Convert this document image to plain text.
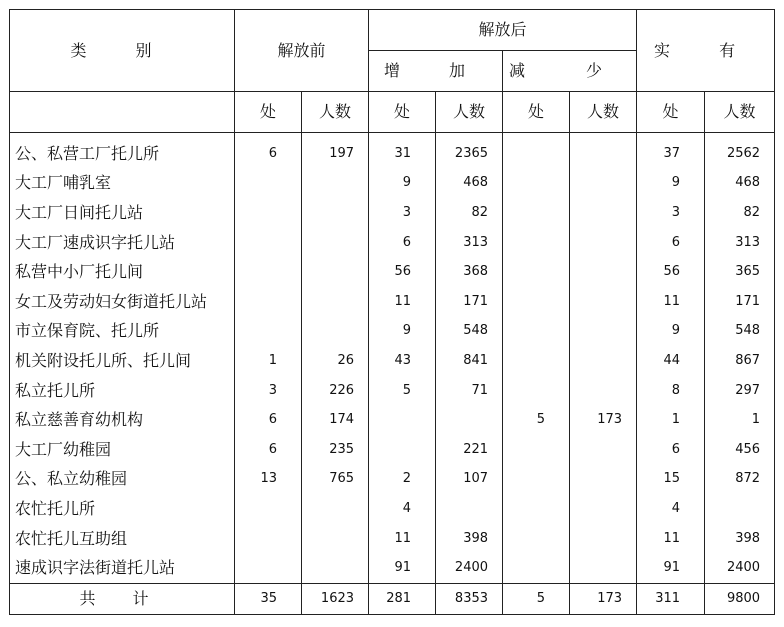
类 别	解放前		解放后				实 有	
			增 加		减 少			
	处	人数	处	人数	处	人数	处	人数
公、私营工厂托儿所	6	197	31	2365			37	2562
大工厂哺乳室			9	468			9	468
大工厂日间托儿站			3	82			3	82
大工厂速成识字托儿站			6	313			6	313
私营中小厂托儿间			56	368			56	365
女工及劳动妇女街道托儿站			11	171			11	171
市立保育院、托儿所			9	548			9	548
机关附设托儿所、托儿间	1	26	43	841			44	867
私立托儿所	3	226	5	71			8	297
私立慈善育幼机构	6	174			5	173	1	1
大工厂幼稚园	6	235		221			6	456
公、私立幼稚园	13	765	2	107			15	872
农忙托儿所			4				4	
农忙托儿互助组			11	398			11	398
速成识字法街道托儿站			91	2400			91	2400
共 计	35	1623	281	8353	5	173	311	9800
